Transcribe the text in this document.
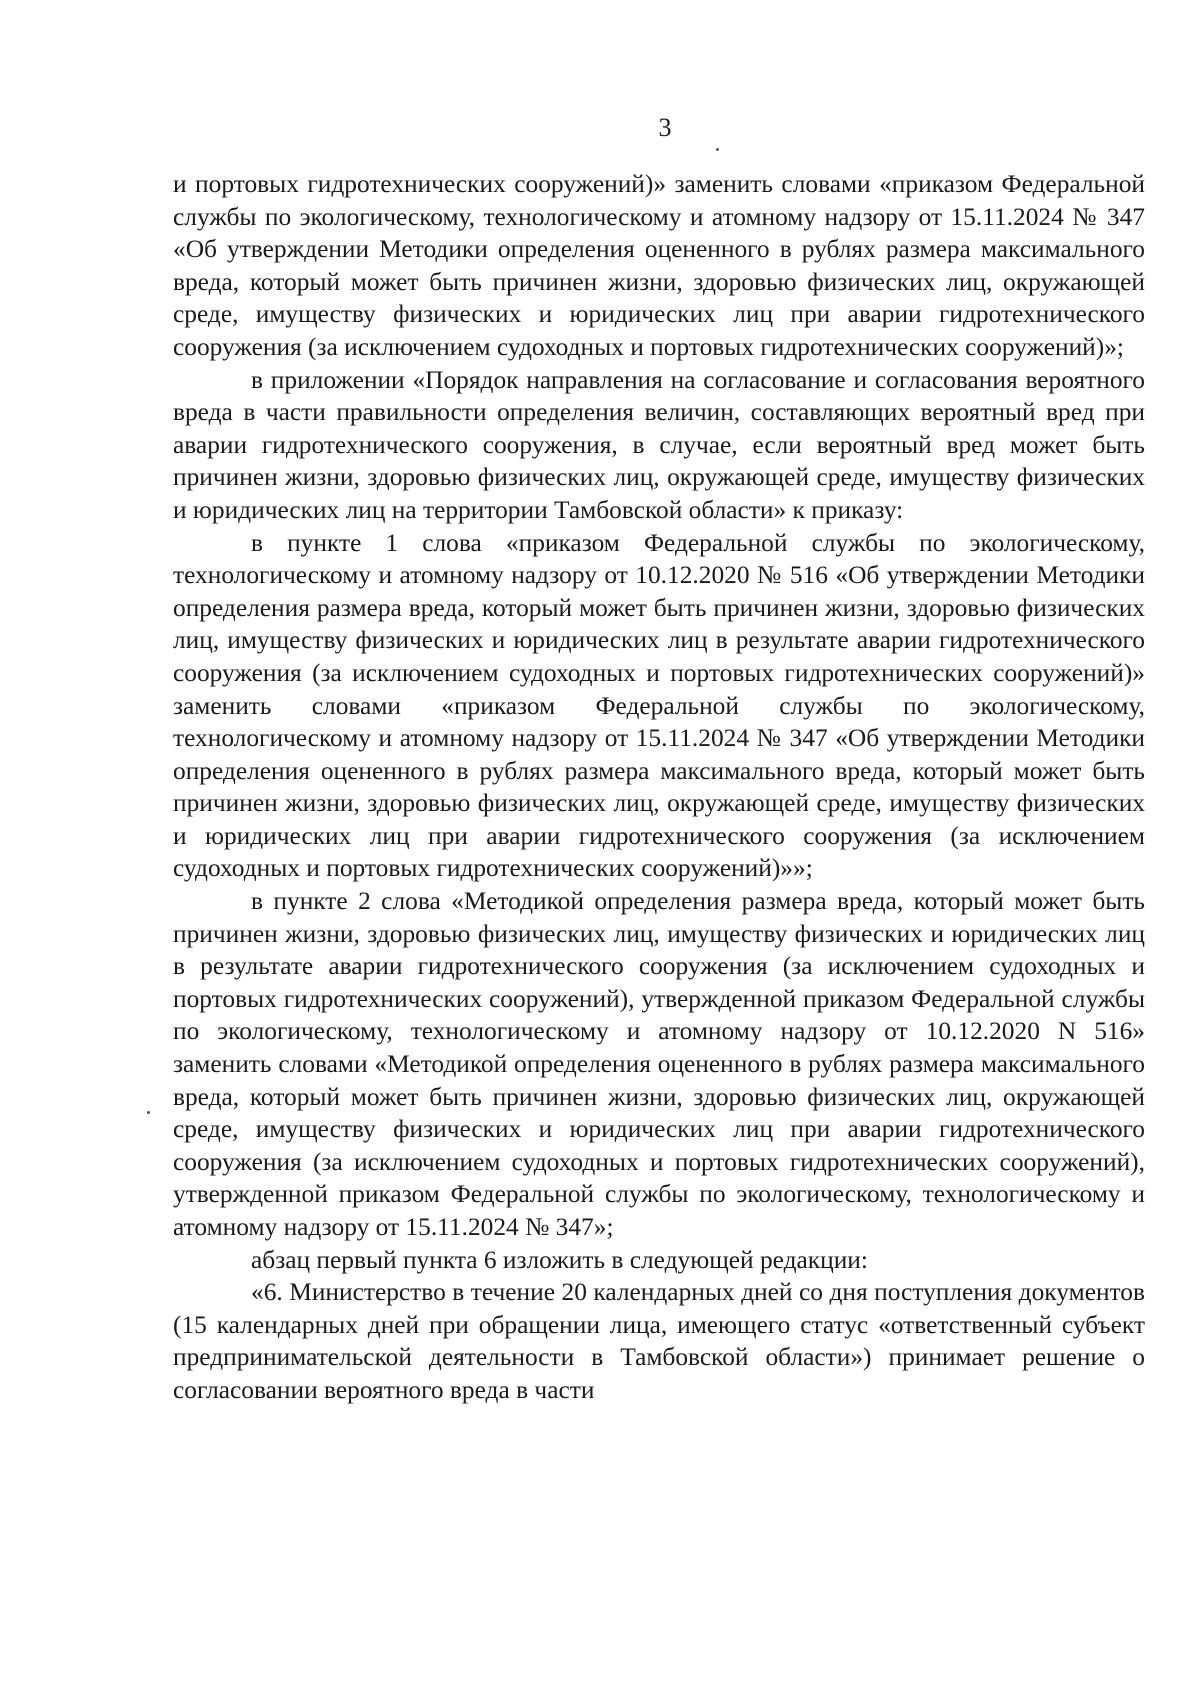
3

и портовых гидротехнических сооружений)» заменить словами «приказом Федеральной службы по экологическому, технологическому и атомному надзору от 15.11.2024 № 347 «Об утверждении Методики определения оцененного в рублях размера максимального вреда, который может быть причинен жизни, здоровью физических лиц, окружающей среде, имуществу физических и юридических лиц при аварии гидротехнического сооружения (за исключением судоходных и портовых гидротехнических сооружений)»;

в приложении «Порядок направления на согласование и согласования вероятного вреда в части правильности определения величин, составляющих вероятный вред при аварии гидротехнического сооружения, в случае, если вероятный вред может быть причинен жизни, здоровью физических лиц, окружающей среде, имуществу физических и юридических лиц на территории Тамбовской области» к приказу:

в пункте 1 слова «приказом Федеральной службы по экологическому, технологическому и атомному надзору от 10.12.2020 № 516 «Об утверждении Методики определения размера вреда, который может быть причинен жизни, здоровью физических лиц, имуществу физических и юридических лиц в результате аварии гидротехнического сооружения (за исключением судоходных и портовых гидротехнических сооружений)» заменить словами «приказом Федеральной службы по экологическому, технологическому и атомному надзору от 15.11.2024 № 347 «Об утверждении Методики определения оцененного в рублях размера максимального вреда, который может быть причинен жизни, здоровью физических лиц, окружающей среде, имуществу физических и юридических лиц при аварии гидротехнического сооружения (за исключением судоходных и портовых гидротехнических сооружений)»»;

в пункте 2 слова «Методикой определения размера вреда, который может быть причинен жизни, здоровью физических лиц, имуществу физических и юридических лиц в результате аварии гидротехнического сооружения (за исключением судоходных и портовых гидротехнических сооружений), утвержденной приказом Федеральной службы по экологическому, технологическому и атомному надзору от 10.12.2020 N 516» заменить словами «Методикой определения оцененного в рублях размера максимального вреда, который может быть причинен жизни, здоровью физических лиц, окружающей среде, имуществу физических и юридических лиц при аварии гидротехнического сооружения (за исключением судоходных и портовых гидротехнических сооружений), утвержденной приказом Федеральной службы по экологическому, технологическому и атомному надзору от 15.11.2024 № 347»;

абзац первый пункта 6 изложить в следующей редакции:

«6. Министерство в течение 20 календарных дней со дня поступления документов (15 календарных дней при обращении лица, имеющего статус «ответственный субъект предпринимательской деятельности в Тамбовской области») принимает решение о согласовании вероятного вреда в части
